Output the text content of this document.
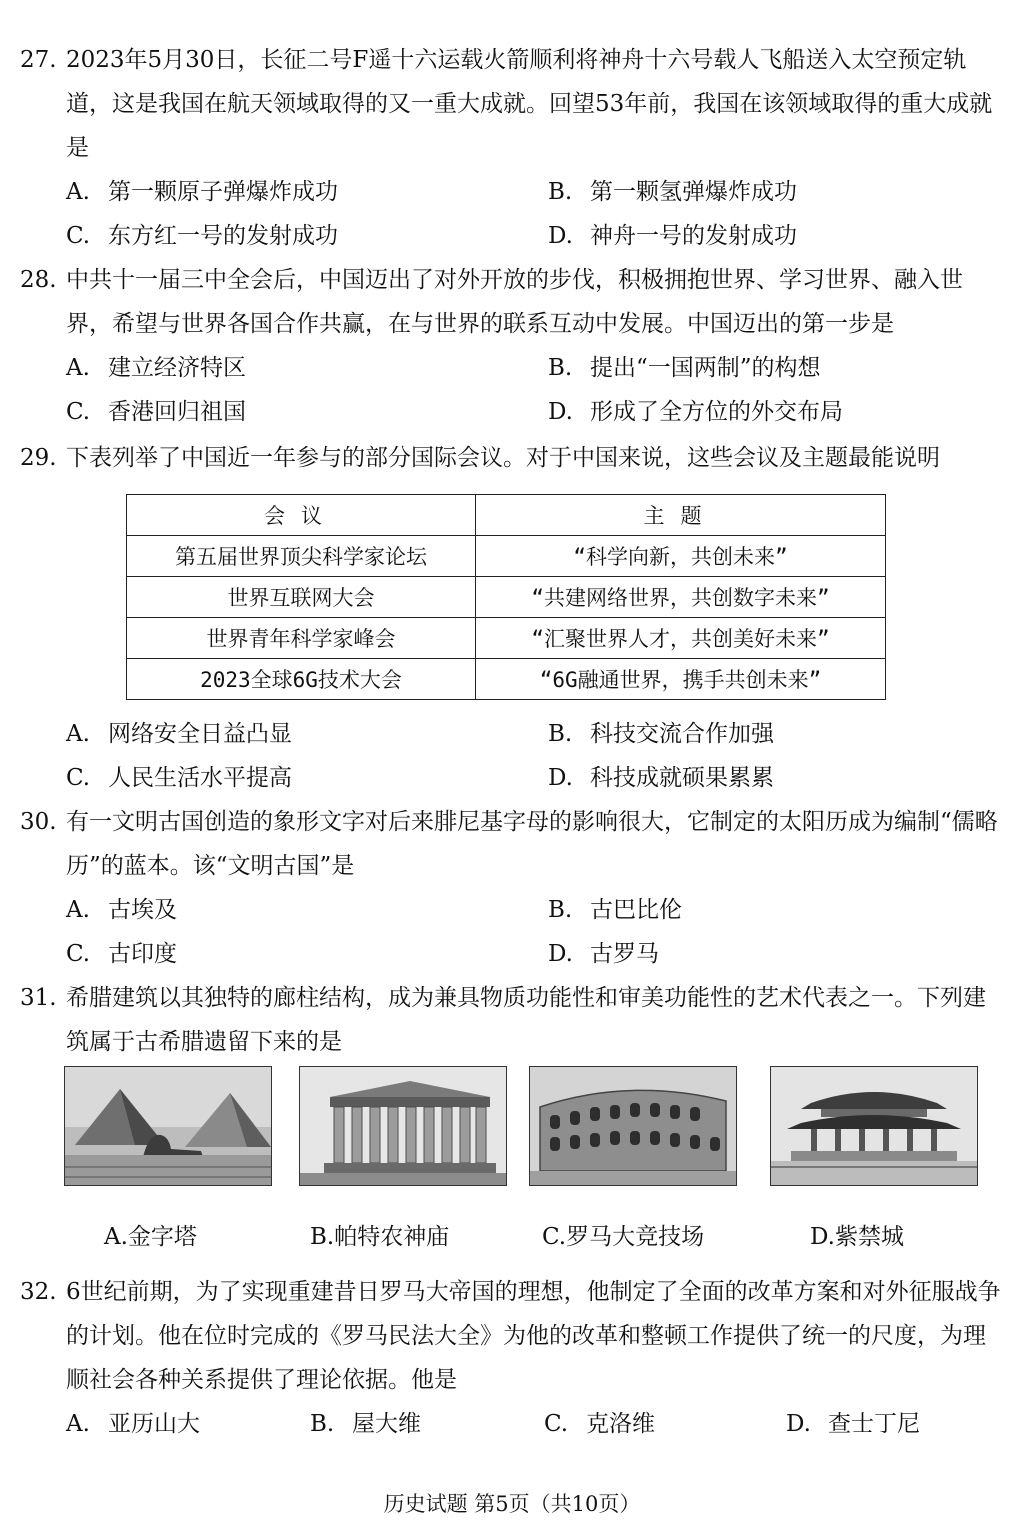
27. 2023年5月30日，长征二号F遥十六运载火箭顺利将神舟十六号载人飞船送入太空预定轨道，这是我国在航天领域取得的又一重大成就。回望53年前，我国在该领域取得的重大成就是
A. 第一颗原子弹爆炸成功	B. 第一颗氢弹爆炸成功
C. 东方红一号的发射成功	D. 神舟一号的发射成功
28. 中共十一届三中全会后，中国迈出了对外开放的步伐，积极拥抱世界、学习世界、融入世界，希望与世界各国合作共赢，在与世界的联系互动中发展。中国迈出的第一步是
A. 建立经济特区	B. 提出“一国两制”的构想
C. 香港回归祖国	D. 形成了全方位的外交布局
29. 下表列举了中国近一年参与的部分国际会议。对于中国来说，这些会议及主题最能说明
会议	主题
第五届世界顶尖科学家论坛	“科学向新，共创未来”
世界互联网大会	“共建网络世界，共创数字未来”
世界青年科学家峰会	“汇聚世界人才，共创美好未来”
2023全球6G技术大会	“6G融通世界，携手共创未来”
A. 网络安全日益凸显	B. 科技交流合作加强
C. 人民生活水平提高	D. 科技成就硕果累累
30. 有一文明古国创造的象形文字对后来腓尼基字母的影响很大，它制定的太阳历成为编制“儒略历”的蓝本。该“文明古国”是
A. 古埃及	B. 古巴比伦
C. 古印度	D. 古罗马
31. 希腊建筑以其独特的廊柱结构，成为兼具物质功能性和审美功能性的艺术代表之一。下列建筑属于古希腊遗留下来的是
A.金字塔	B.帕特农神庙	C.罗马大竞技场	D.紫禁城
32. 6世纪前期，为了实现重建昔日罗马大帝国的理想，他制定了全面的改革方案和对外征服战争的计划。他在位时完成的《罗马民法大全》为他的改革和整顿工作提供了统一的尺度，为理顺社会各种关系提供了理论依据。他是
A. 亚历山大	B. 屋大维	C. 克洛维	D. 查士丁尼
历史试题 第5页（共10页）
